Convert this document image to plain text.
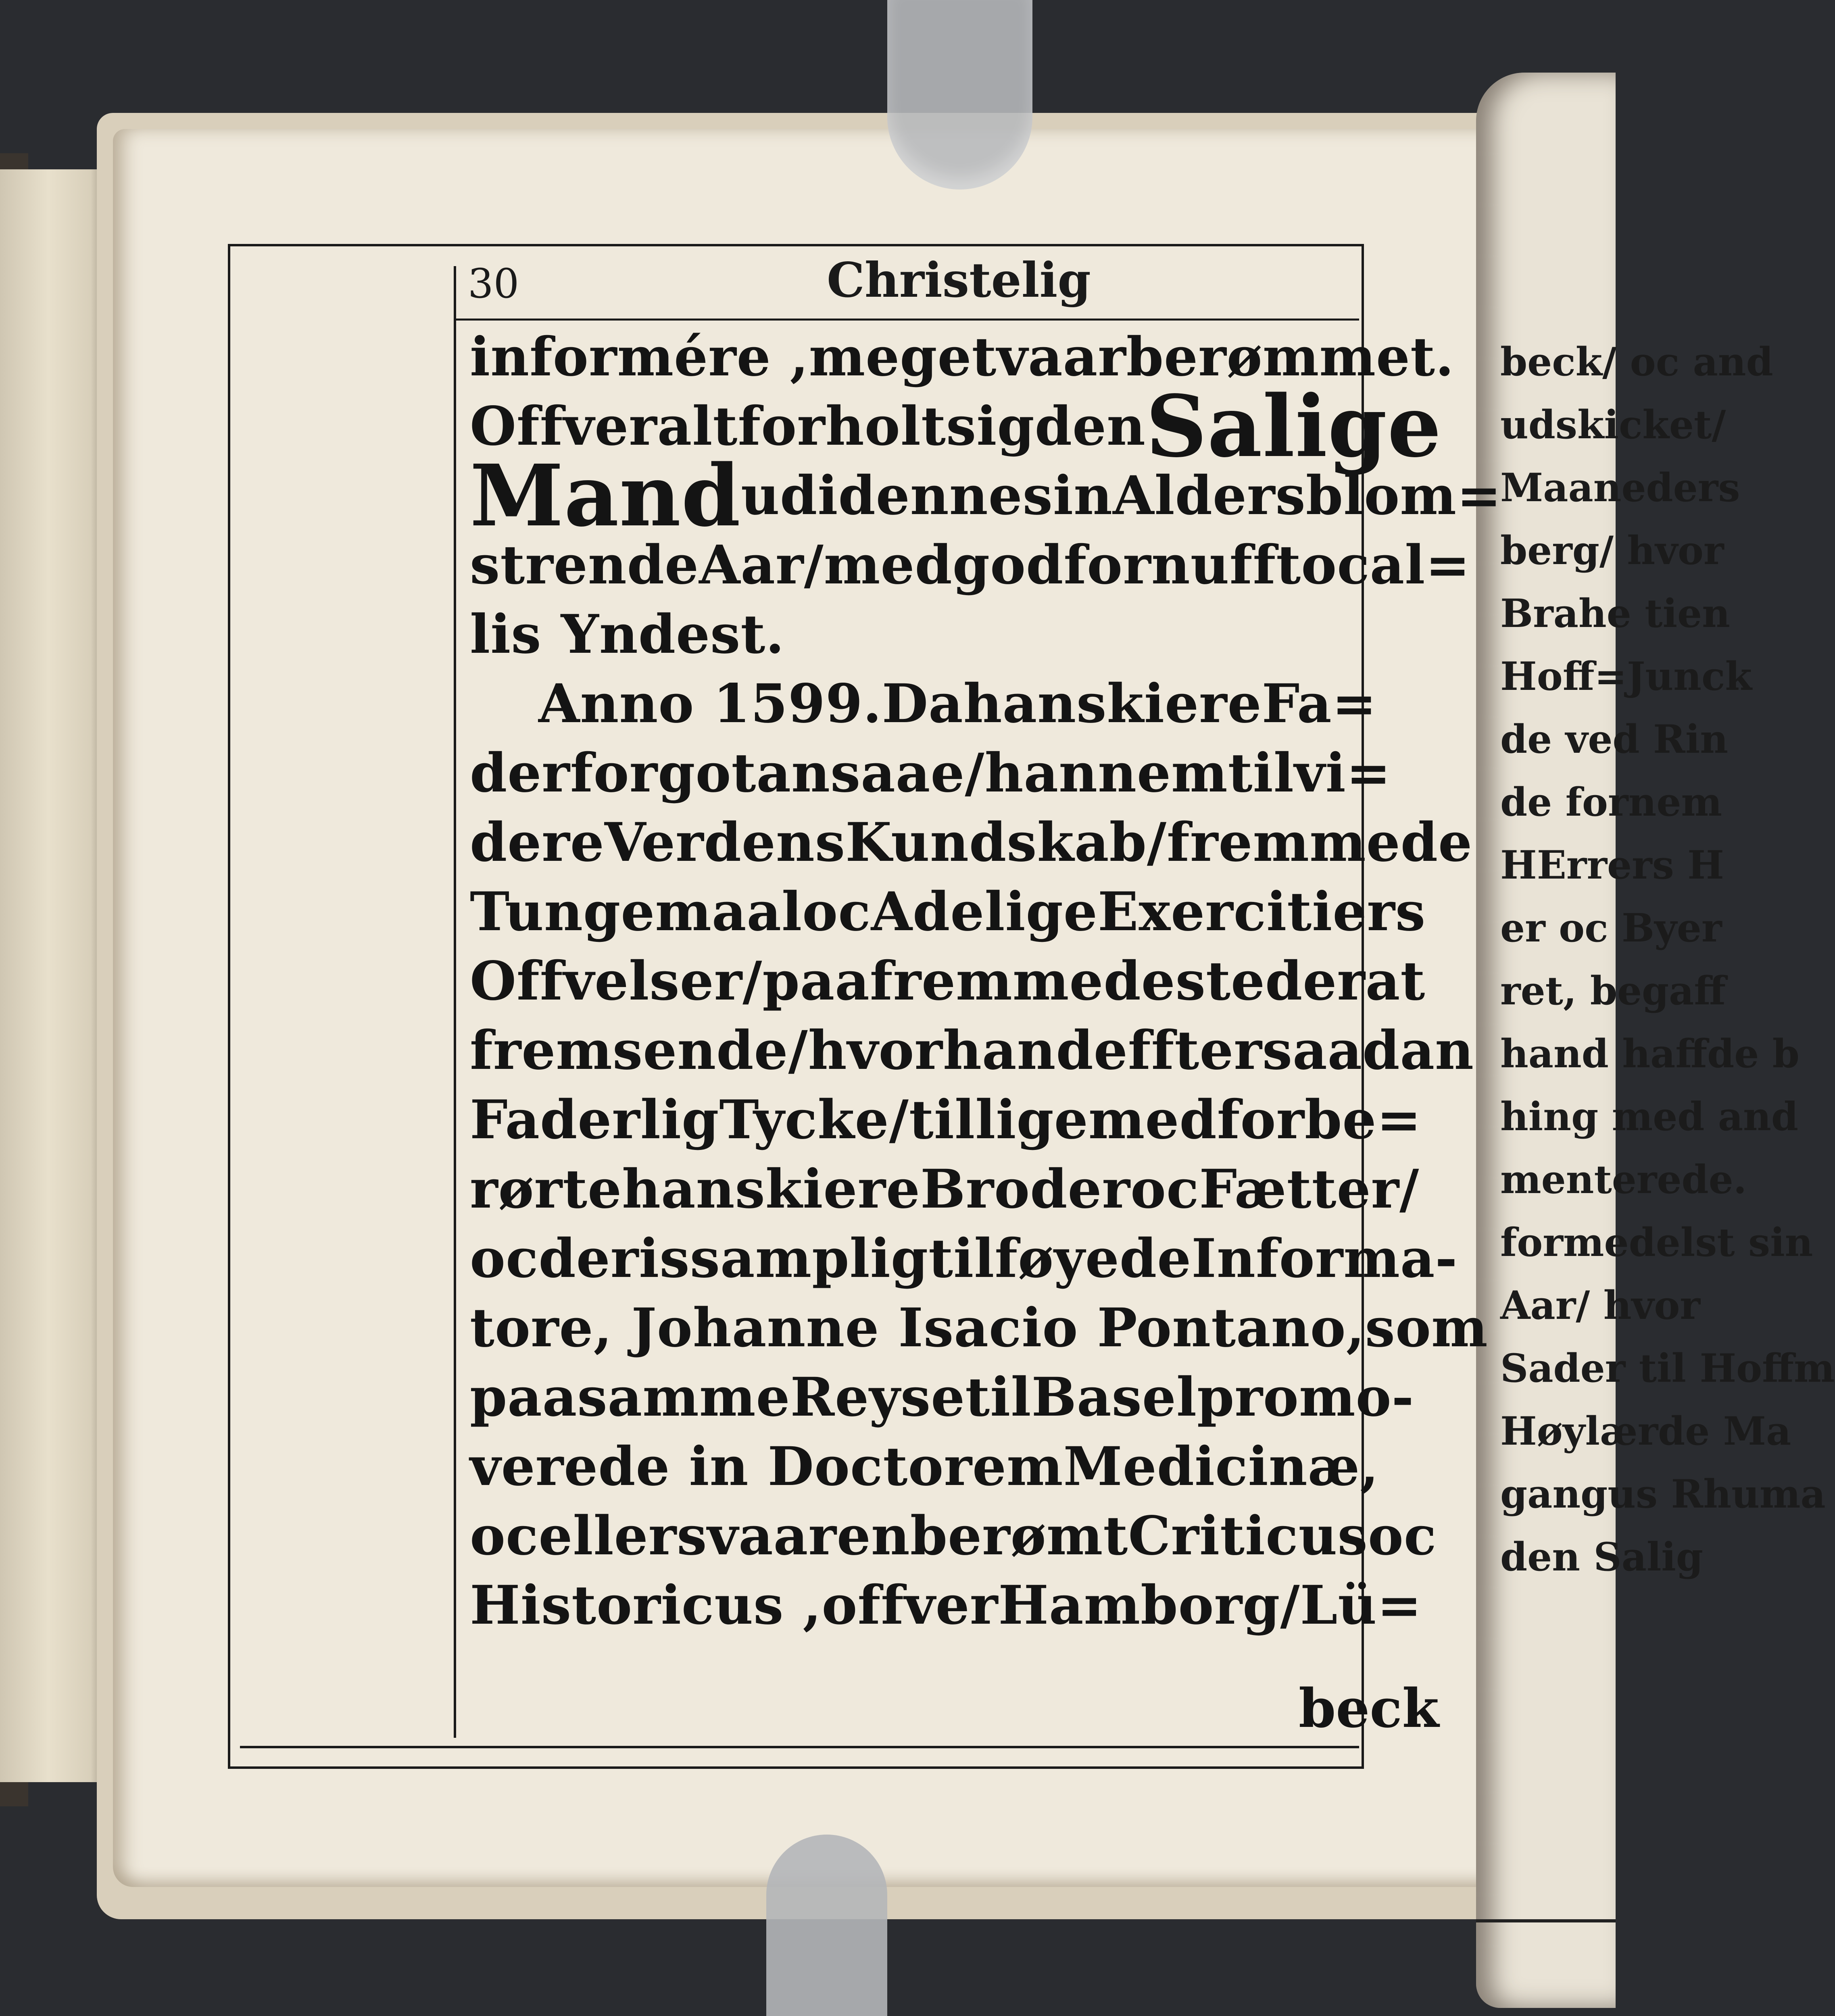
beck/ oc and
udskicket/
Maaneders
berg/ hvor
Brahe tien
Hoff=Junck
de ved Rin
de fornem
HErrers H
er oc Byer
ret, begaff
hand haffde b
hing med and
menterede.
formedelst sin
Aar/ hvor
Sader til Hoffm
Høylærde Ma
gangus Rhuma
den Salig
30	Christelig
informére , meget vaar berømmet.
Offver alt forholt sig den Salige
Mand udi denne sin Alders blom=
strende Aar/ med god fornufft oc al=
lis Yndest.
Anno 1599. Da hans kiere Fa=
der for got ansaae/ hannem til vi=
dere Verdens Kundskab/ fremmede
Tungemaal oc Adelige Exercitiers
Offvelser/ paa fremmede steder at
fremsende/ hvor hand effter saadan
Faderlig Tycke / tillige med forbe=
rørte hans kiere Broder oc Fætter/
oc deris samplig tilføyede Informa-
tore, Johanne Isacio Pontano, som
paa samme Reyse til Basel promo-
verede in Doctorem Medicinæ ,
oc ellers vaar en berømt Criticus oc
Historicus , offver Hamborg/ Lü=
beck
